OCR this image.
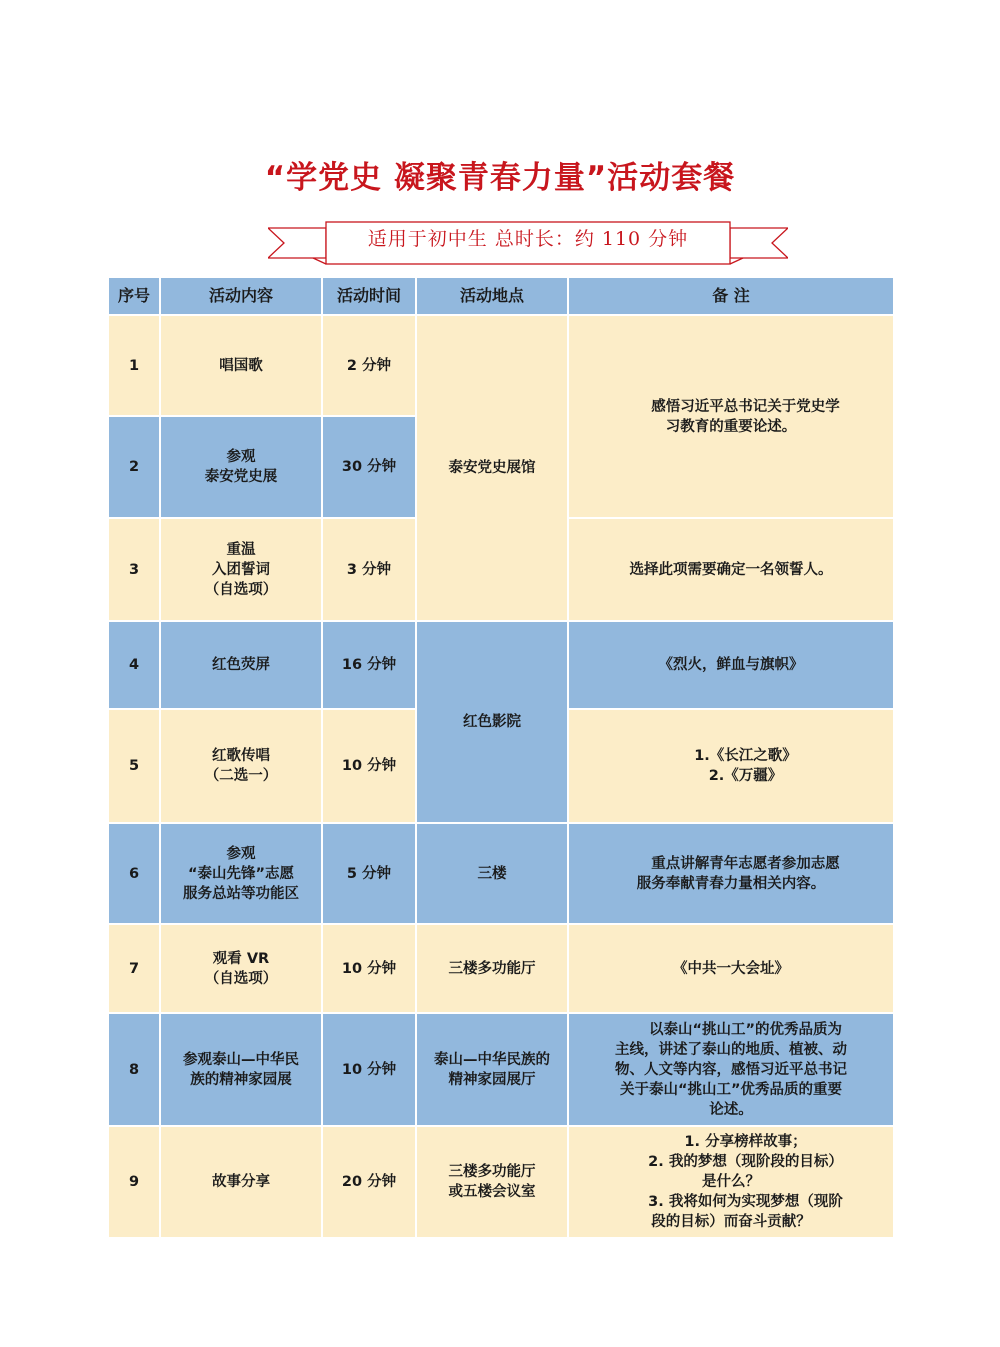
“学党史 凝聚青春力量”活动套餐
适用于初中生 总时长：约 110 分钟
序号	活动内容	活动时间	活动地点	备 注
1	唱国歌	2 分钟	泰安党史展馆	感悟习近平总书记关于党史学
习教育的重要论述。

2	参观
泰安党史展	30 分钟		
3	重温
入团誓词
（自选项）	3 分钟		选择此项需要确定一名领誓人。
4	红色荧屏	16 分钟	红色影院	《烈火，鲜血与旗帜》
5	红歌传唱
（二选一）	10 分钟		1.《长江之歌》
2.《万疆》

6	参观
“泰山先锋”志愿
服务总站等功能区	5 分钟	三楼	重点讲解青年志愿者参加志愿
服务奉献青春力量相关内容。

7	观看 VR
（自选项）	10 分钟	三楼多功能厅	《中共一大会址》
8	参观泰山—中华民
族的精神家园展	10 分钟	泰山—中华民族的
精神家园展厅	以泰山“挑山工”的优秀品质为
主线，讲述了泰山的地质、植被、动
物、人文等内容，感悟习近平总书记
关于泰山“挑山工”优秀品质的重要
论述。

9	故事分享	20 分钟	三楼多功能厅
或五楼会议室	1. 分享榜样故事；
2. 我的梦想（现阶段的目标）
是什么？
3. 我将如何为实现梦想（现阶
段的目标）而奋斗贡献？
